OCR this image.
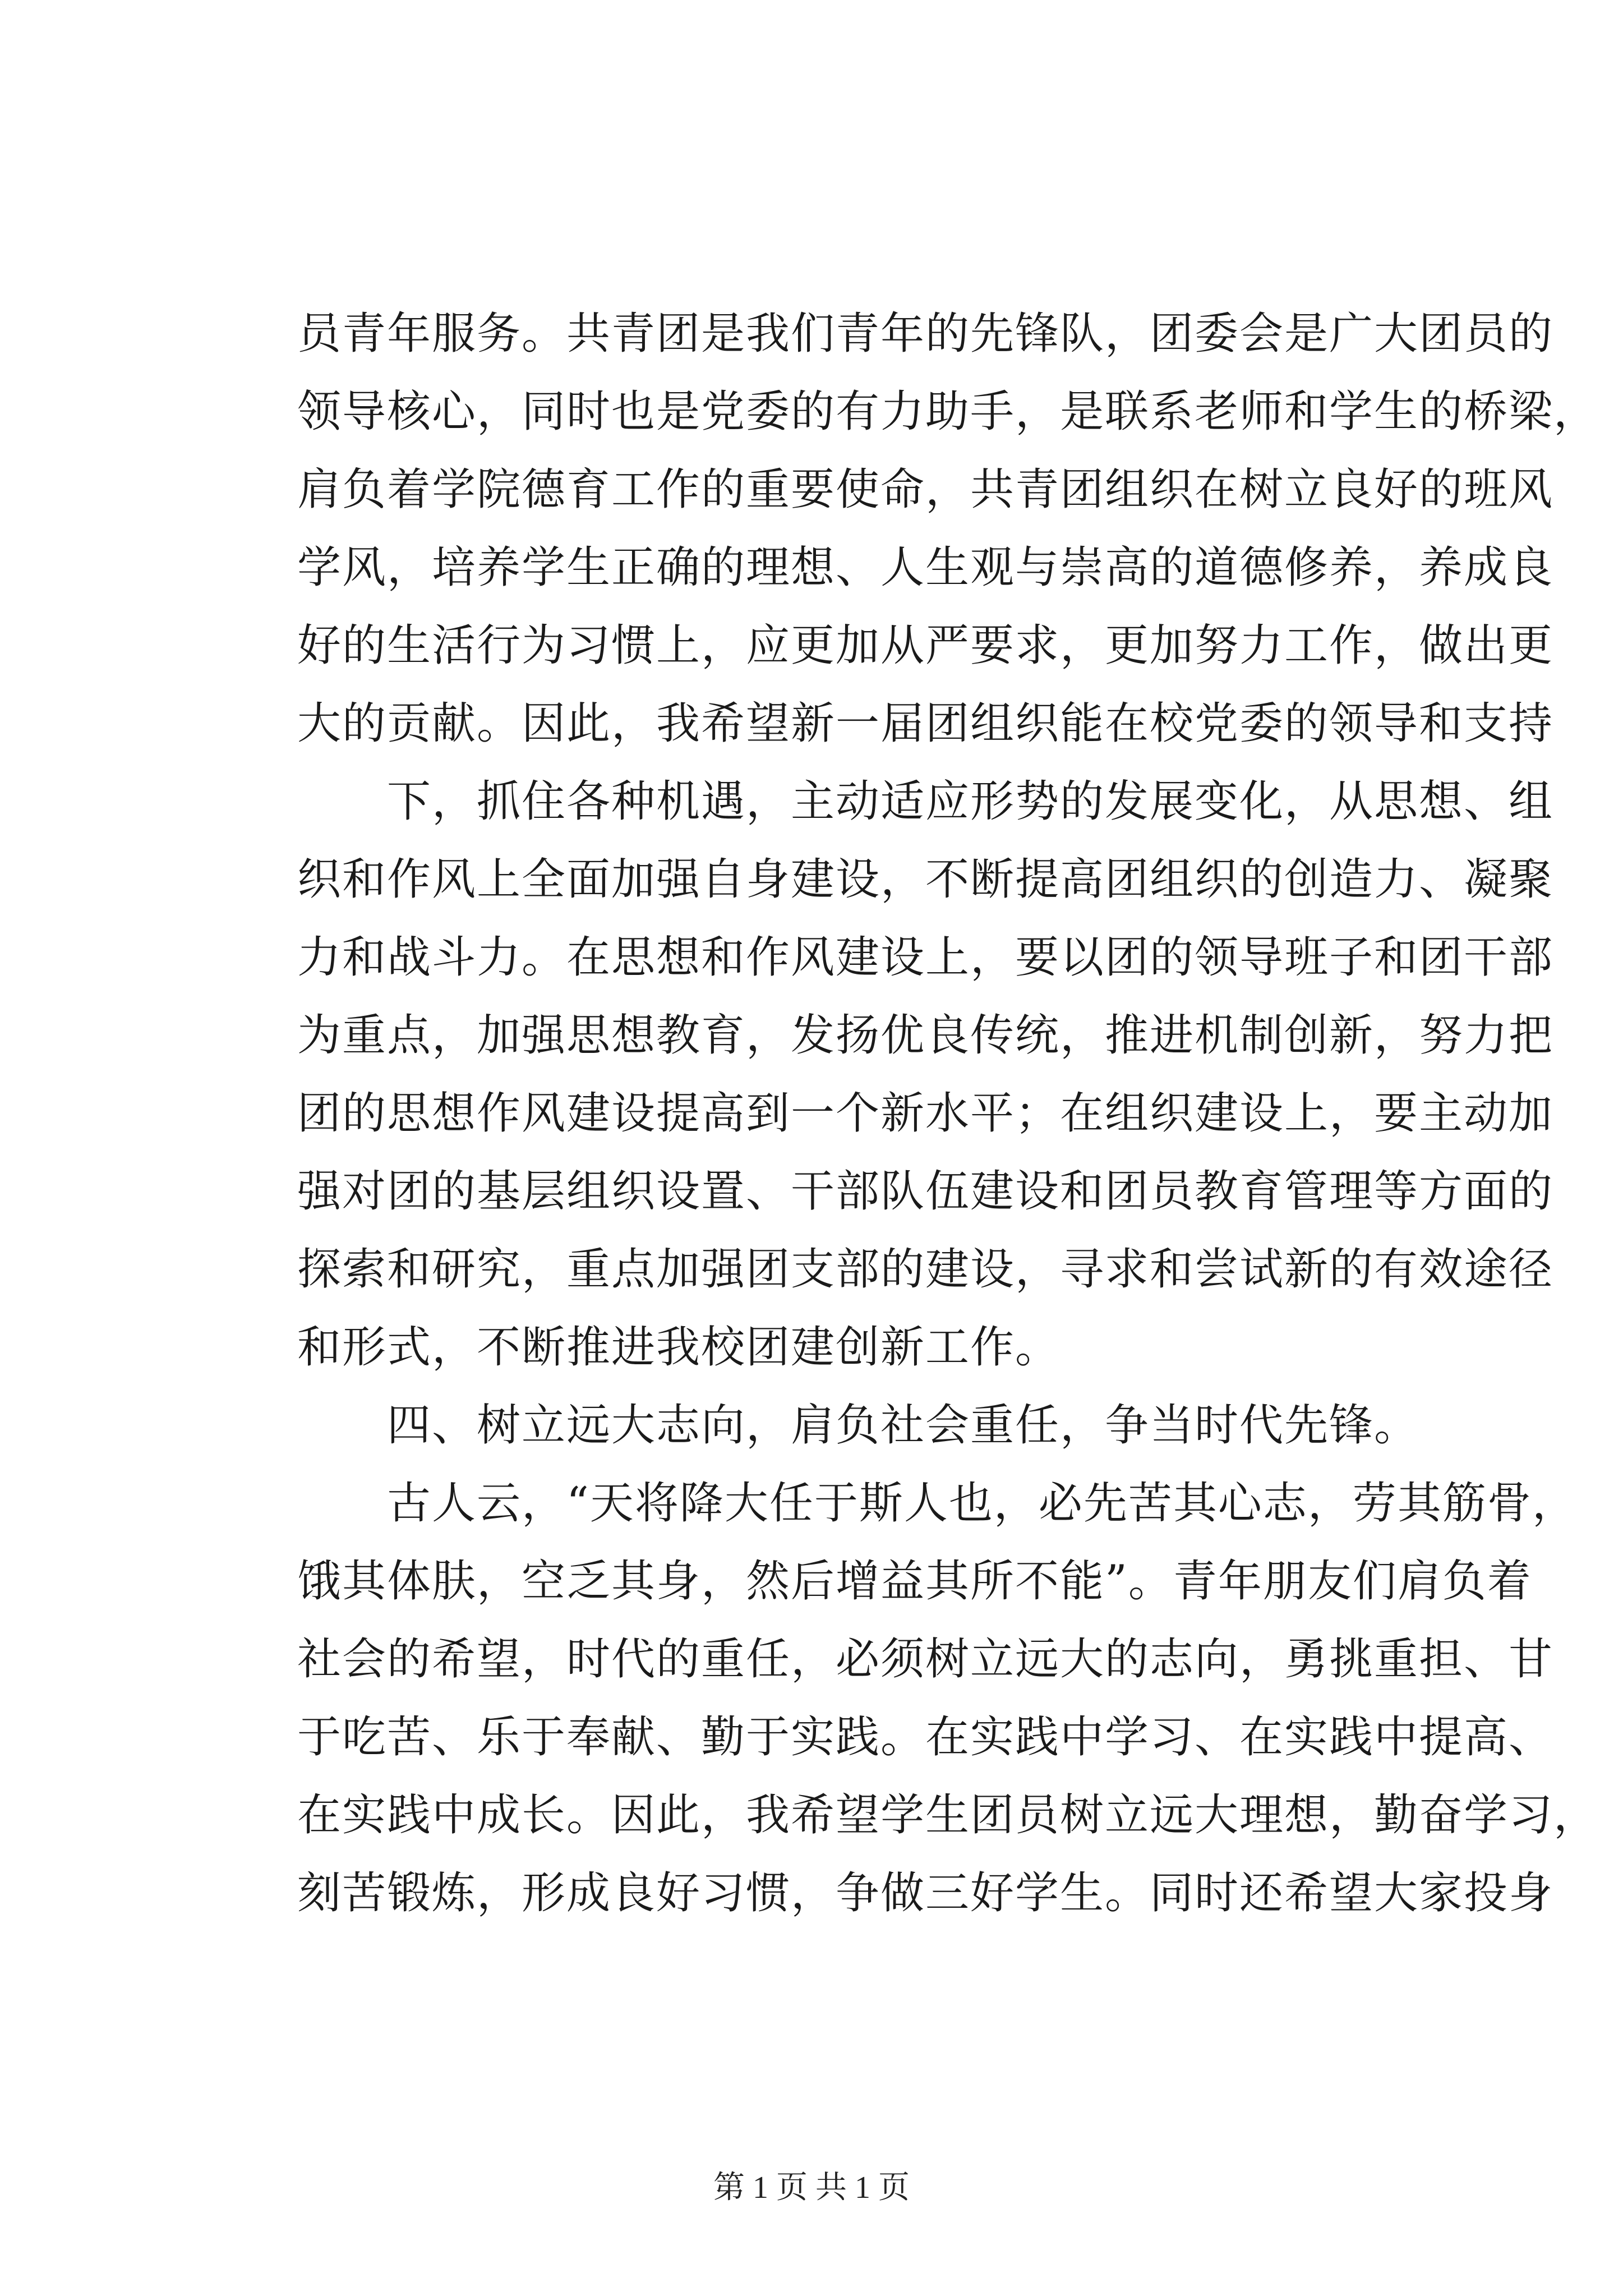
员青年服务。共青团是我们青年的先锋队，团委会是广大团员的
领导核心，同时也是党委的有力助手，是联系老师和学生的桥梁，
肩负着学院德育工作的重要使命，共青团组织在树立良好的班风
学风，培养学生正确的理想、人生观与崇高的道德修养，养成良
好的生活行为习惯上，应更加从严要求，更加努力工作，做出更
大的贡献。因此，我希望新一届团组织能在校党委的领导和支持
下，抓住各种机遇，主动适应形势的发展变化，从思想、组
织和作风上全面加强自身建设，不断提高团组织的创造力、凝聚
力和战斗力。在思想和作风建设上，要以团的领导班子和团干部
为重点，加强思想教育，发扬优良传统，推进机制创新，努力把
团的思想作风建设提高到一个新水平；在组织建设上，要主动加
强对团的基层组织设置、干部队伍建设和团员教育管理等方面的
探索和研究，重点加强团支部的建设，寻求和尝试新的有效途径
和形式，不断推进我校团建创新工作。
四、树立远大志向，肩负社会重任，争当时代先锋。
古人云，“天将降大任于斯人也，必先苦其心志，劳其筋骨，
饿其体肤，空乏其身，然后增益其所不能”。青年朋友们肩负着
社会的希望，时代的重任，必须树立远大的志向，勇挑重担、甘
于吃苦、乐于奉献、勤于实践。在实践中学习、在实践中提高、
在实践中成长。因此，我希望学生团员树立远大理想，勤奋学习，
刻苦锻炼，形成良好习惯，争做三好学生。同时还希望大家投身
第 1 页 共 1 页
